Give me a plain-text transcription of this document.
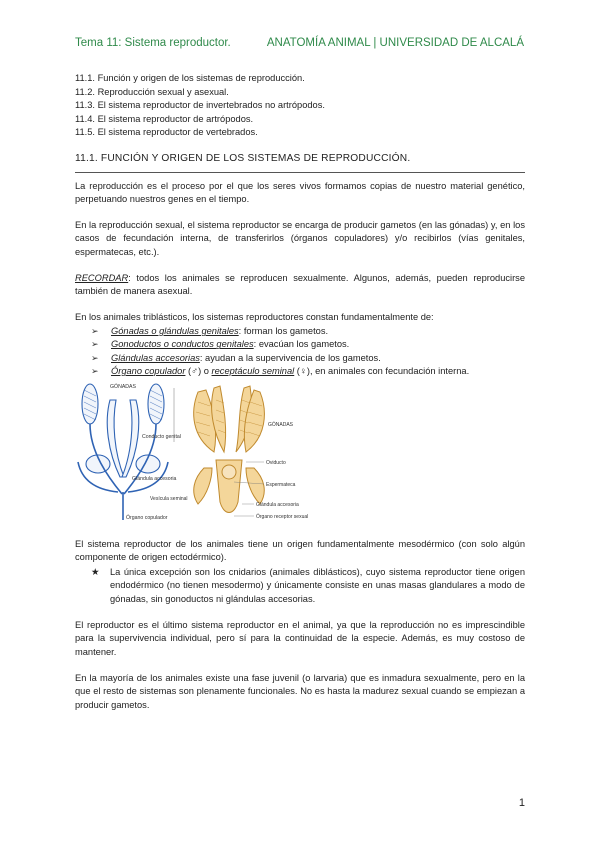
Tema 11: Sistema reproductor.	ANATOMÍA ANIMAL | UNIVERSIDAD DE ALCALÁ
11.1. Función y origen de los sistemas de reproducción.
11.2. Reproducción sexual y asexual.
11.3. El sistema reproductor de invertebrados no artrópodos.
11.4. El sistema reproductor de artrópodos.
11.5. El sistema reproductor de vertebrados.
11.1. FUNCIÓN Y ORIGEN DE LOS SISTEMAS DE REPRODUCCIÓN.
La reproducción es el proceso por el que los seres vivos formamos copias de nuestro material genético, perpetuando nuestros genes en el tiempo.
En la reproducción sexual, el sistema reproductor se encarga de producir gametos (en las gónadas) y, en los casos de fecundación interna, de transferirlos (órganos copuladores) y/o recibirlos (vías genitales, espermatecas, etc.).
RECORDAR: todos los animales se reproducen sexualmente. Algunos, además, pueden reproducirse también de manera asexual.
En los animales triblásticos, los sistemas reproductores constan fundamentalmente de:
➢ Gónadas o glándulas genitales: forman los gametos.
➢ Gonoductos o conductos genitales: evacúan los gametos.
➢ Glándulas accesorias: ayudan a la supervivencia de los gametos.
➢ Órgano copulador (♂) o receptáculo seminal (♀), en animales con fecundación interna.
GÓNADAS
Conducto genital
Glándula accesoria
Órgano copulador
Vesícula seminal
GÓNADAS
Oviducto
Espermateca
Glándula accesoria
Órgano receptor sexual
El sistema reproductor de los animales tiene un origen fundamentalmente mesodérmico (con solo algún componente de origen ectodérmico).
★ La única excepción son los cnidarios (animales diblásticos), cuyo sistema reproductor tiene origen endodérmico (no tienen mesodermo) y únicamente consiste en unas masas glandulares a modo de gónadas, sin gonoductos ni glándulas accesorias.
El reproductor es el último sistema reproductor en el animal, ya que la reproducción no es imprescindible para la supervivencia individual, pero sí para la continuidad de la especie. Además, es muy costoso de mantener.
En la mayoría de los animales existe una fase juvenil (o larvaria) que es inmadura sexualmente, pero en la que el resto de sistemas son plenamente funcionales. No es hasta la madurez sexual cuando se empiezan a producir gametos.
1
